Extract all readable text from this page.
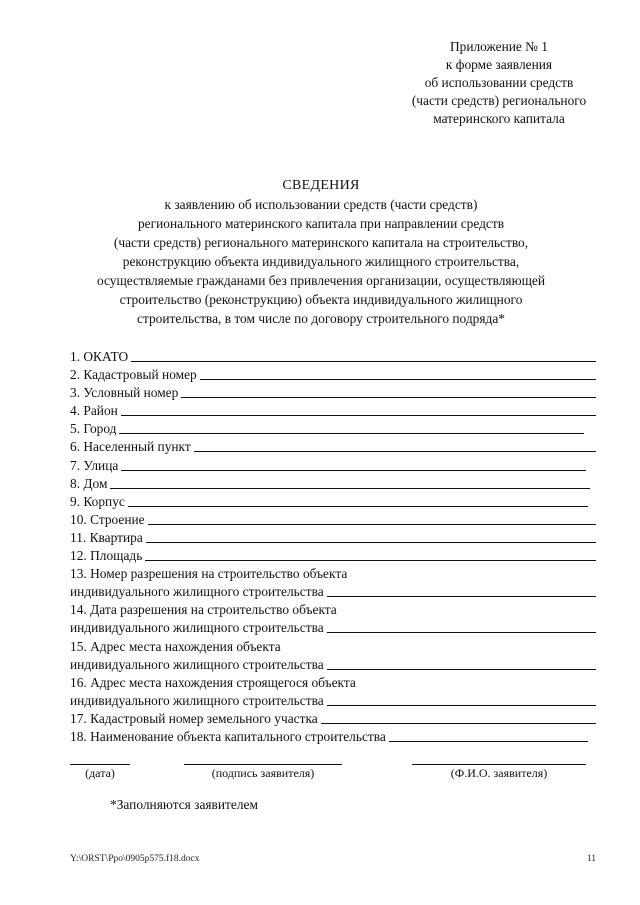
Приложение № 1
к форме заявления
об использовании средств
(части средств) регионального
материнского капитала
СВЕДЕНИЯ
к заявлению об использовании средств (части средств)
регионального материнского капитала при направлении средств
(части средств) регионального материнского капитала на строительство,
реконструкцию объекта индивидуального жилищного строительства,
осуществляемые гражданами без привлечения организации, осуществляющей
строительство (реконструкцию) объекта индивидуального жилищного
строительства, в том числе по договору строительного подряда*
1. ОКАТО
2. Кадастровый номер
3. Условный номер
4. Район
5. Город
6. Населенный пункт
7. Улица
8. Дом
9. Корпус
10. Строение
11. Квартира
12. Площадь
13. Номер разрешения на строительство объекта
индивидуального жилищного строительства
14. Дата разрешения на строительство объекта
индивидуального жилищного строительства
15. Адрес места нахождения объекта
индивидуального жилищного строительства
16. Адрес места нахождения строящегося объекта
индивидуального жилищного строительства
17. Кадастровый номер земельного участка
18. Наименование объекта капитального строительства
(дата)	(подпись заявителя)	(Ф.И.О. заявителя)
*Заполняются заявителем
Y:\ORST\Ppo\0905p575.f18.docx	11
